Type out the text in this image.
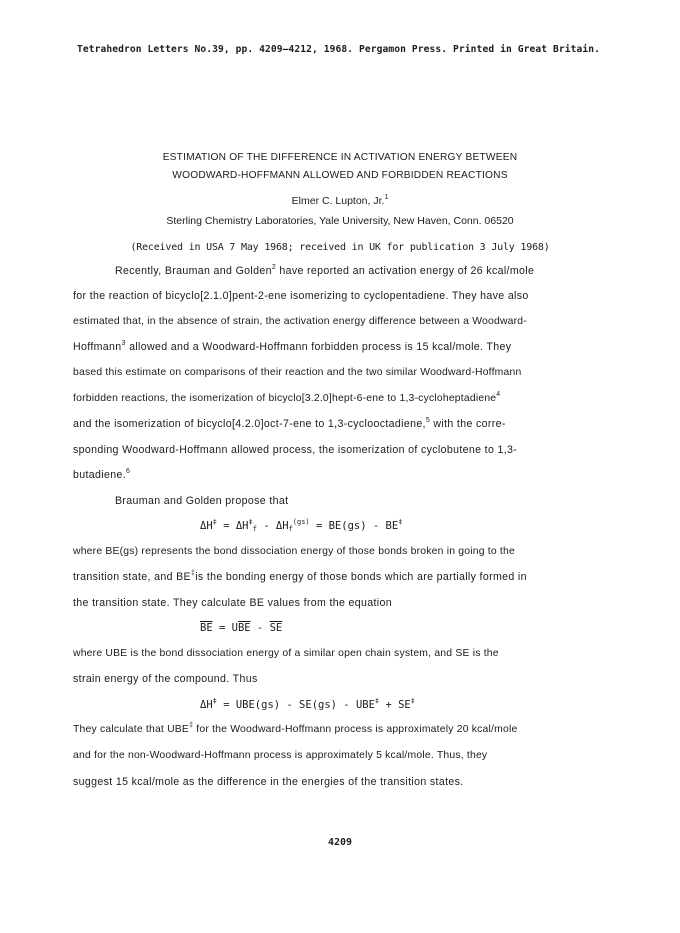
Tetrahedron Letters No.39, pp. 4209–4212, 1968. Pergamon Press. Printed in Great Britain.
ESTIMATION OF THE DIFFERENCE IN ACTIVATION ENERGY BETWEEN
WOODWARD-HOFFMANN ALLOWED AND FORBIDDEN REACTIONS
Elmer C. Lupton, Jr.$^1$
Sterling Chemistry Laboratories, Yale University, New Haven, Conn. 06520
(Received in USA 7 May 1968; received in UK for publication 3 July 1968)
Recently, Brauman and Golden$^2$ have reported an activation energy of 26 kcal/mole
for the reaction of bicyclo[2.1.0]pent-2-ene isomerizing to cyclopentadiene. They have also
estimated that, in the absence of strain, the activation energy difference between a Woodward-
Hoffmann$^3$ allowed and a Woodward-Hoffmann forbidden process is 15 kcal/mole. They
based this estimate on comparisons of their reaction and the two similar Woodward-Hoffmann
forbidden reactions, the isomerization of bicyclo[3.2.0]hept-6-ene to 1,3-cycloheptadiene$^4$
and the isomerization of bicyclo[4.2.0]oct-7-ene to 1,3-cyclooctadiene,$^5$ with the corre-
sponding Woodward-Hoffmann allowed process, the isomerization of cyclobutene to 1,3-
butadiene.$^6$
Brauman and Golden propose that
$\Delta H^\ddagger = \Delta H^\ddagger_f - \Delta H_f^{(gs)} = BE(gs) - BE^\ddagger$
where BE(gs) represents the bond dissociation energy of those bonds broken in going to the
transition state, and BE‡is the bonding energy of those bonds which are partially formed in
the transition state. They calculate BE values from the equation
$\overline{BE} = U\overline{BE} - \overline{SE}$
where UBE is the bond dissociation energy of a similar open chain system, and SE is the
strain energy of the compound. Thus
ΔH‡ = UBE(gs) - SE(gs) - UBE‡ + SE‡
They calculate that UBE‡ for the Woodward-Hoffmann process is approximately 20 kcal/mole
and for the non-Woodward-Hoffmann process is approximately 5 kcal/mole. Thus, they
suggest 15 kcal/mole as the difference in the energies of the transition states.
4209
